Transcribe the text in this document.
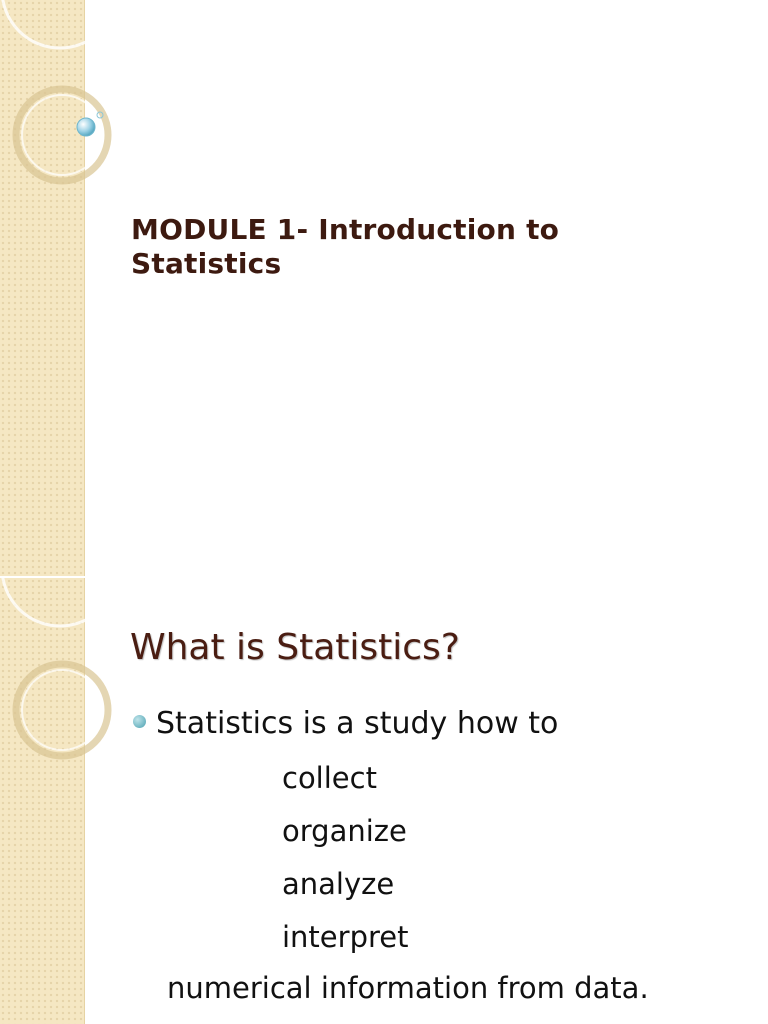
MODULE 1- Introduction to
Statistics
What is Statistics?
Statistics is a study how to
collect
organize
analyze
interpret
numerical information from data.
